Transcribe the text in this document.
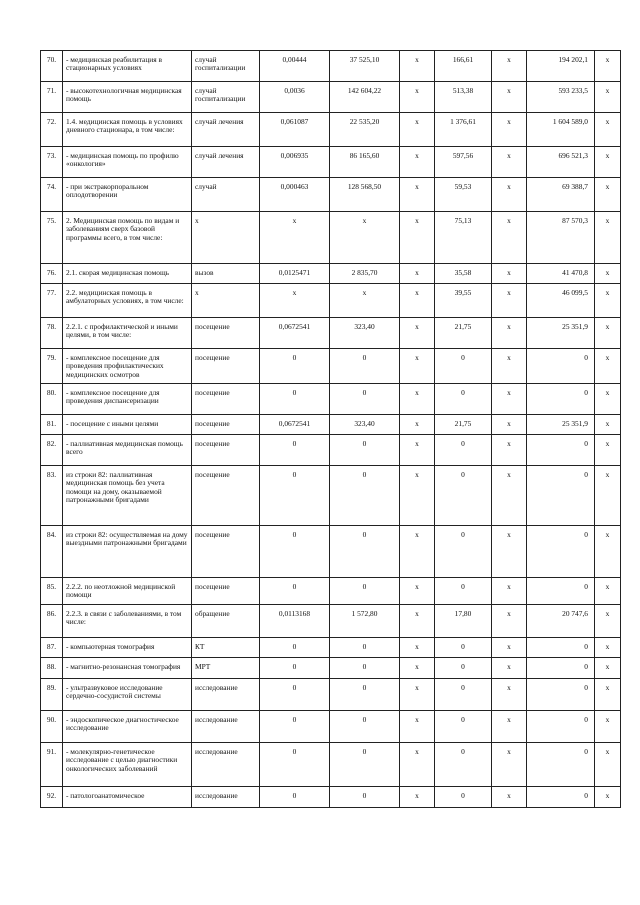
70.	- медицинская реабилитация в стационарных условиях	случай госпитализации	0,00444	37 525,10	x	166,61	x	194 202,1	x
71.	- высокотехнологичная медицинская помощь	случай госпитализации	0,0036	142 604,22	x	513,38	x	593 233,5	x
72.	1.4. медицинская помощь в условиях дневного стационара, в том числе:	случай лечения	0,061087	22 535,20	x	1 376,61	x	1 604 589,0	x
73.	- медицинская помощь по профилю «онкология»	случай лечения	0,006935	86 165,60	x	597,56	x	696 521,3	x
74.	- при экстракорпоральном оплодотворении	случай	0,000463	128 568,50	x	59,53	x	69 388,7	x
75.	2. Медицинская помощь по видам и заболеваниям сверх базовой программы всего, в том числе:	x	x	x	x	75,13	x	87 570,3	x
76.	2.1. скорая медицинская помощь	вызов	0,0125471	2 835,70	x	35,58	x	41 470,8	x
77.	2.2. медицинская помощь в амбулаторных условиях, в том числе:	x	x	x	x	39,55	x	46 099,5	x
78.	2.2.1. с профилактической и иными целями, в том числе:	посещение	0,0672541	323,40	x	21,75	x	25 351,9	x
79.	- комплексное посещение для проведения профилактических медицинских осмотров	посещение	0	0	x	0	x	0	x
80.	- комплексное посещение для проведения диспансеризации	посещение	0	0	x	0	x	0	x
81.	- посещение с иными целями	посещение	0,0672541	323,40	x	21,75	x	25 351,9	x
82.	- паллиативная медицинская помощь всего	посещение	0	0	x	0	x	0	x
83.	из строки 82: паллиативная медицинская помощь без учета помощи на дому, оказываемой патронажными бригадами	посещение	0	0	x	0	x	0	x
84.	из строки 82: осуществляемая на дому выездными патронажными бригадами	посещение	0	0	x	0	x	0	x
85.	2.2.2. по неотложной медицинской помощи	посещение	0	0	x	0	x	0	x
86.	2.2.3. в связи с заболеваниями, в том числе:	обращение	0,0113168	1 572,80	x	17,80	x	20 747,6	x
87.	- компьютерная томография	КТ	0	0	x	0	x	0	x
88.	- магнитно-резонансная томография	МРТ	0	0	x	0	x	0	x
89.	- ультразвуковое исследование сердечно-сосудистой системы	исследование	0	0	x	0	x	0	x
90.	- эндоскопическое диагностическое исследование	исследование	0	0	x	0	x	0	x
91.	- молекулярно-генетическое исследование с целью диагностики онкологических заболеваний	исследование	0	0	x	0	x	0	x
92.	- патологоанатомическое	исследование	0	0	x	0	x	0	x
